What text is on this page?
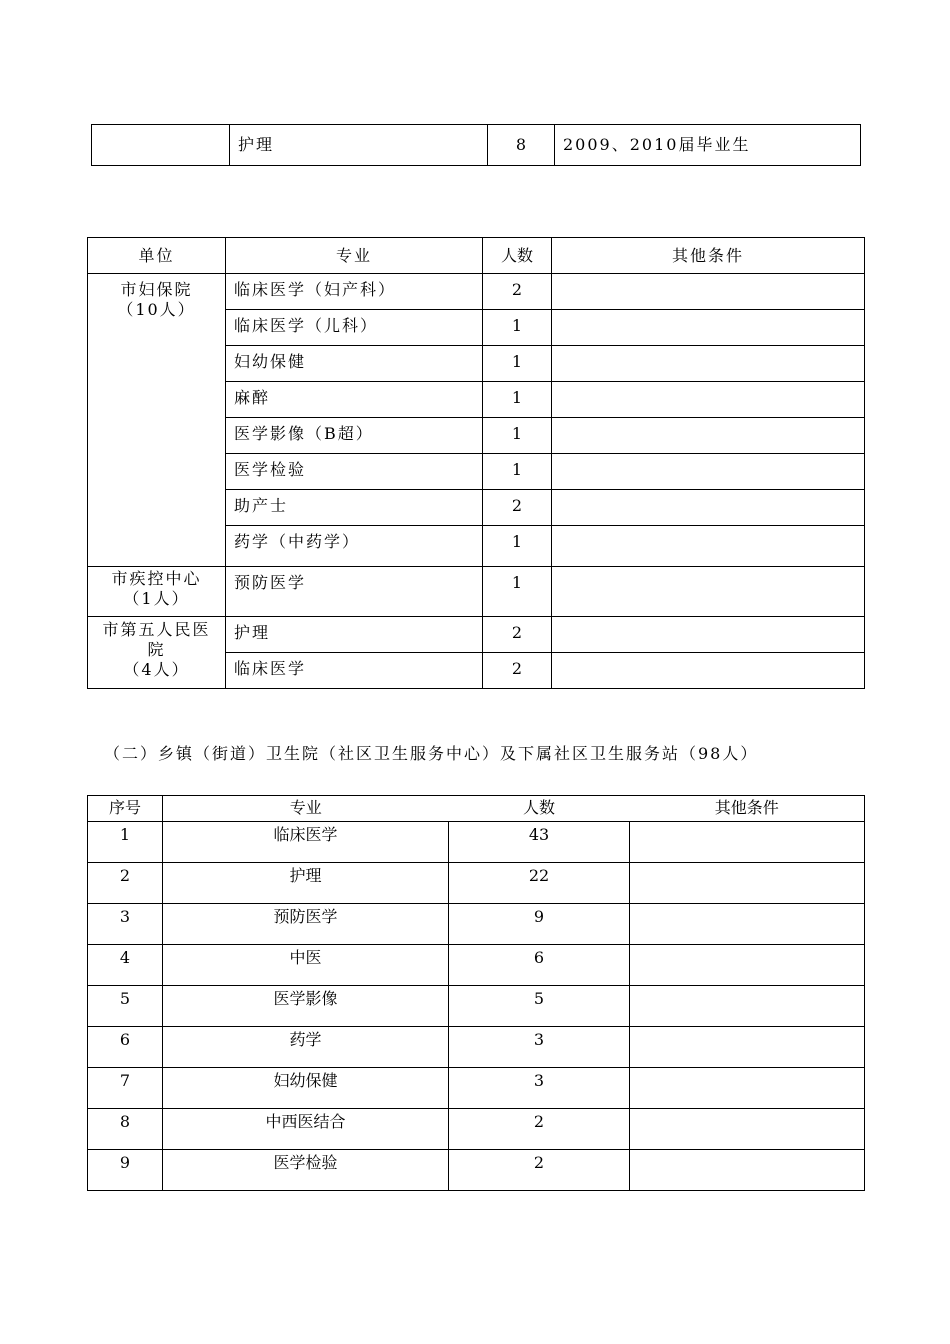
	护理	8	2009、2010届毕业生
单位	专业	人数	其他条件

市妇保院
（10人）	临床医学（妇产科）	2	
	临床医学（儿科）	1	
	妇幼保健	1	
	麻醉	1	
	医学影像（B超）	1	
	医学检验	1	
	助产士	2	
	药学（中药学）	1	

市疾控中心
（1人）	预防医学	1	

市第五人民医
院
（4人）	护理	2	
	临床医学	2	

（二）乡镇（街道）卫生院（社区卫生服务中心）及下属社区卫生服务站（98人）

序号	专业	人数	其他条件
1	临床医学	43	
2	护理	22	
3	预防医学	9	
4	中医	6	
5	医学影像	5	
6	药学	3	
7	妇幼保健	3	
8	中西医结合	2	
9	医学检验	2	
